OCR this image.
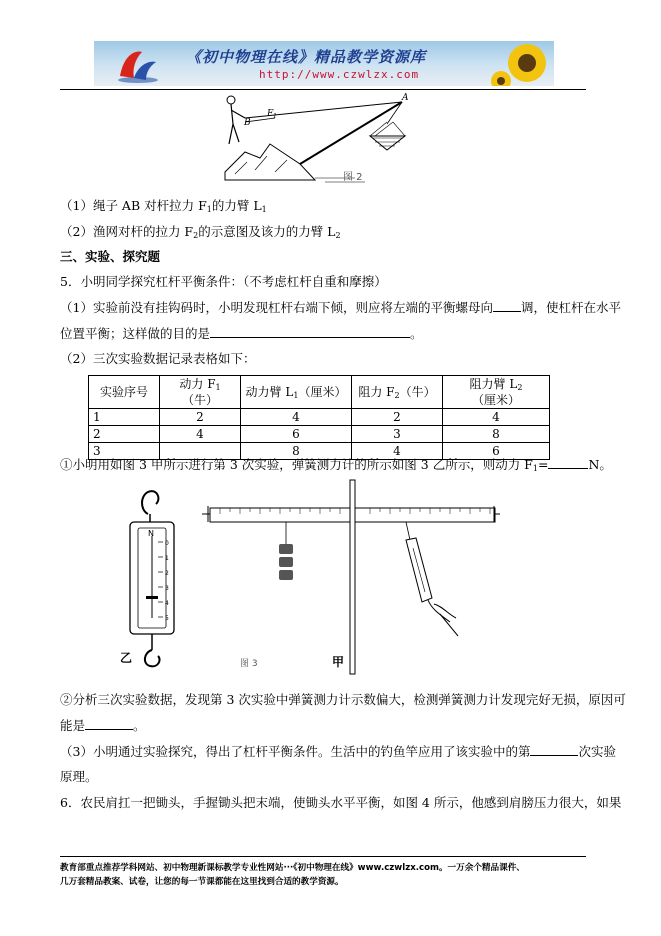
《初中物理在线》精品教学资源库
http://www.czwlzx.com
A
B
F 1
图 2
（1）绳子 AB 对杆拉力 $F_1$的力臂 $L_1$
（2）渔网对杆的拉力 $F_2$的示意图及该力的力臂 $L_2$
三、实验、探究题
5．小明同学探究杠杆平衡条件：（不考虑杠杆自重和摩擦）
（1）实验前没有挂钩码时，小明发现杠杆右端下倾，则应将左端的平衡螺母向 调，使杠杆在水平
位置平衡；这样做的目的是	。
（2）三次实验数据记录表格如下：
实验序号	动力 $F_1$（牛）	动力臂 $L_1$（厘米）	阻力 $F_2$（牛）	阻力臂 $L_2$（厘米）
1	2	4	2	4
2	4	6	3	8
3		8	4	6
①小明用如图 3 甲所示进行第 3 次实验，弹簧测力计的所示如图 3 乙所示，则动力 $F_1=$	N。
N
0
1
2
3
4
5
乙	图 3	甲
②分析三次实验数据，发现第 3 次实验中弹簧测力计示数偏大，检测弹簧测力计发现完好无损，原因可
能是	。
（3）小明通过实验探究，得出了杠杆平衡条件。生活中的钓鱼竿应用了该实验中的第	次实验
原理。
6．农民肩扛一把锄头，手握锄头把末端，使锄头水平平衡，如图 4 所示，他感到肩膀压力很大，如果
教育部重点推荐学科网站、初中物理新课标教学专业性网站···《初中物理在线》www.czwlzx.com。一万余个精品课件、
几万套精品教案、试卷，让您的每一节课都能在这里找到合适的教学资源。
